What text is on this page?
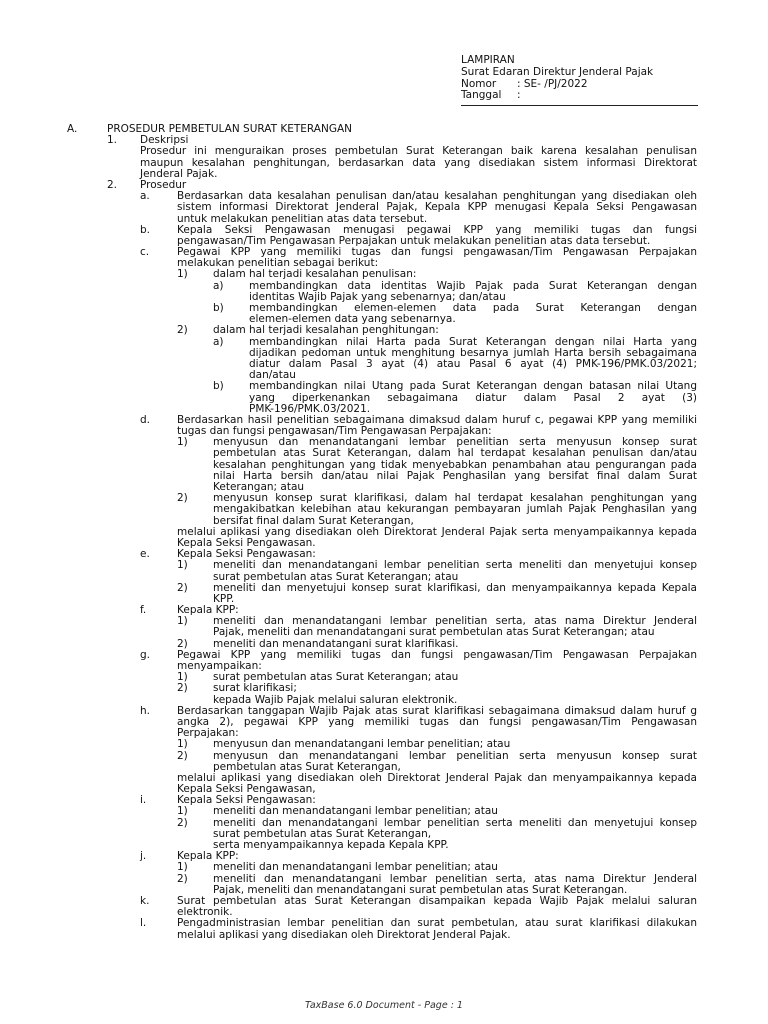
LAMPIRAN
Surat Edaran Direktur Jenderal Pajak
Nomor : SE- /PJ/2022
Tanggal :
A.	PROSEDUR PEMBETULAN SURAT KETERANGAN
1. Deskripsi
Prosedur ini menguraikan proses pembetulan Surat Keterangan baik karena kesalahan penulisan
maupun kesalahan penghitungan, berdasarkan data yang disediakan sistem informasi Direktorat
Jenderal Pajak.
2. Prosedur
a.	Berdasarkan data kesalahan penulisan dan/atau kesalahan penghitungan yang disediakan oleh
sistem informasi Direktorat Jenderal Pajak, Kepala KPP menugasi Kepala Seksi Pengawasan
untuk melakukan penelitian atas data tersebut.
b.	Kepala Seksi Pengawasan menugasi pegawai KPP yang memiliki tugas dan fungsi
pengawasan/Tim Pengawasan Perpajakan untuk melakukan penelitian atas data tersebut.
c.	Pegawai KPP yang memiliki tugas dan fungsi pengawasan/Tim Pengawasan Perpajakan
melakukan penelitian sebagai berikut:
1) dalam hal terjadi kesalahan penulisan:
a) membandingkan data identitas Wajib Pajak pada Surat Keterangan dengan
identitas Wajib Pajak yang sebenarnya; dan/atau
b) membandingkan elemen-elemen data pada Surat Keterangan dengan
elemen-elemen data yang sebenarnya.
2) dalam hal terjadi kesalahan penghitungan:
a) membandingkan nilai Harta pada Surat Keterangan dengan nilai Harta yang
dijadikan pedoman untuk menghitung besarnya jumlah Harta bersih sebagaimana
diatur dalam Pasal 3 ayat (4) atau Pasal 6 ayat (4) PMK-196/PMK.03/2021;
dan/atau
b) membandingkan nilai Utang pada Surat Keterangan dengan batasan nilai Utang
yang diperkenankan sebagaimana diatur dalam Pasal 2 ayat (3)
PMK-196/PMK.03/2021.
d.	Berdasarkan hasil penelitian sebagaimana dimaksud dalam huruf c, pegawai KPP yang memiliki
tugas dan fungsi pengawasan/Tim Pengawasan Perpajakan:
1) menyusun dan menandatangani lembar penelitian serta menyusun konsep surat
pembetulan atas Surat Keterangan, dalam hal terdapat kesalahan penulisan dan/atau
kesalahan penghitungan yang tidak menyebabkan penambahan atau pengurangan pada
nilai Harta bersih dan/atau nilai Pajak Penghasilan yang bersifat final dalam Surat
Keterangan; atau
2) menyusun konsep surat klarifikasi, dalam hal terdapat kesalahan penghitungan yang
mengakibatkan kelebihan atau kekurangan pembayaran jumlah Pajak Penghasilan yang
bersifat final dalam Surat Keterangan,
melalui aplikasi yang disediakan oleh Direktorat Jenderal Pajak serta menyampaikannya kepada
Kepala Seksi Pengawasan.
e.	Kepala Seksi Pengawasan:
1) meneliti dan menandatangani lembar penelitian serta meneliti dan menyetujui konsep
surat pembetulan atas Surat Keterangan; atau
2) meneliti dan menyetujui konsep surat klarifikasi, dan menyampaikannya kepada Kepala
KPP.
f.	Kepala KPP:
1) meneliti dan menandatangani lembar penelitian serta, atas nama Direktur Jenderal
Pajak, meneliti dan menandatangani surat pembetulan atas Surat Keterangan; atau
2) meneliti dan menandatangani surat klarifikasi.
g.	Pegawai KPP yang memiliki tugas dan fungsi pengawasan/Tim Pengawasan Perpajakan
menyampaikan:
1) surat pembetulan atas Surat Keterangan; atau
2) surat klarifikasi;
kepada Wajib Pajak melalui saluran elektronik.
h.	Berdasarkan tanggapan Wajib Pajak atas surat klarifikasi sebagaimana dimaksud dalam huruf g
angka 2), pegawai KPP yang memiliki tugas dan fungsi pengawasan/Tim Pengawasan
Perpajakan:
1) menyusun dan menandatangani lembar penelitian; atau
2) menyusun dan menandatangani lembar penelitian serta menyusun konsep surat
pembetulan atas Surat Keterangan,
melalui aplikasi yang disediakan oleh Direktorat Jenderal Pajak dan menyampaikannya kepada
Kepala Seksi Pengawasan,
i.	Kepala Seksi Pengawasan:
1) meneliti dan menandatangani lembar penelitian; atau
2) meneliti dan menandatangani lembar penelitian serta meneliti dan menyetujui konsep
surat pembetulan atas Surat Keterangan,
serta menyampaikannya kepada Kepala KPP.
j.	Kepala KPP:
1) meneliti dan menandatangani lembar penelitian; atau
2) meneliti dan menandatangani lembar penelitian serta, atas nama Direktur Jenderal
Pajak, meneliti dan menandatangani surat pembetulan atas Surat Keterangan.
k.	Surat pembetulan atas Surat Keterangan disampaikan kepada Wajib Pajak melalui saluran
elektronik.
l.	Pengadministrasian lembar penelitian dan surat pembetulan, atau surat klarifikasi dilakukan
melalui aplikasi yang disediakan oleh Direktorat Jenderal Pajak.
TaxBase 6.0 Document - Page : 1
